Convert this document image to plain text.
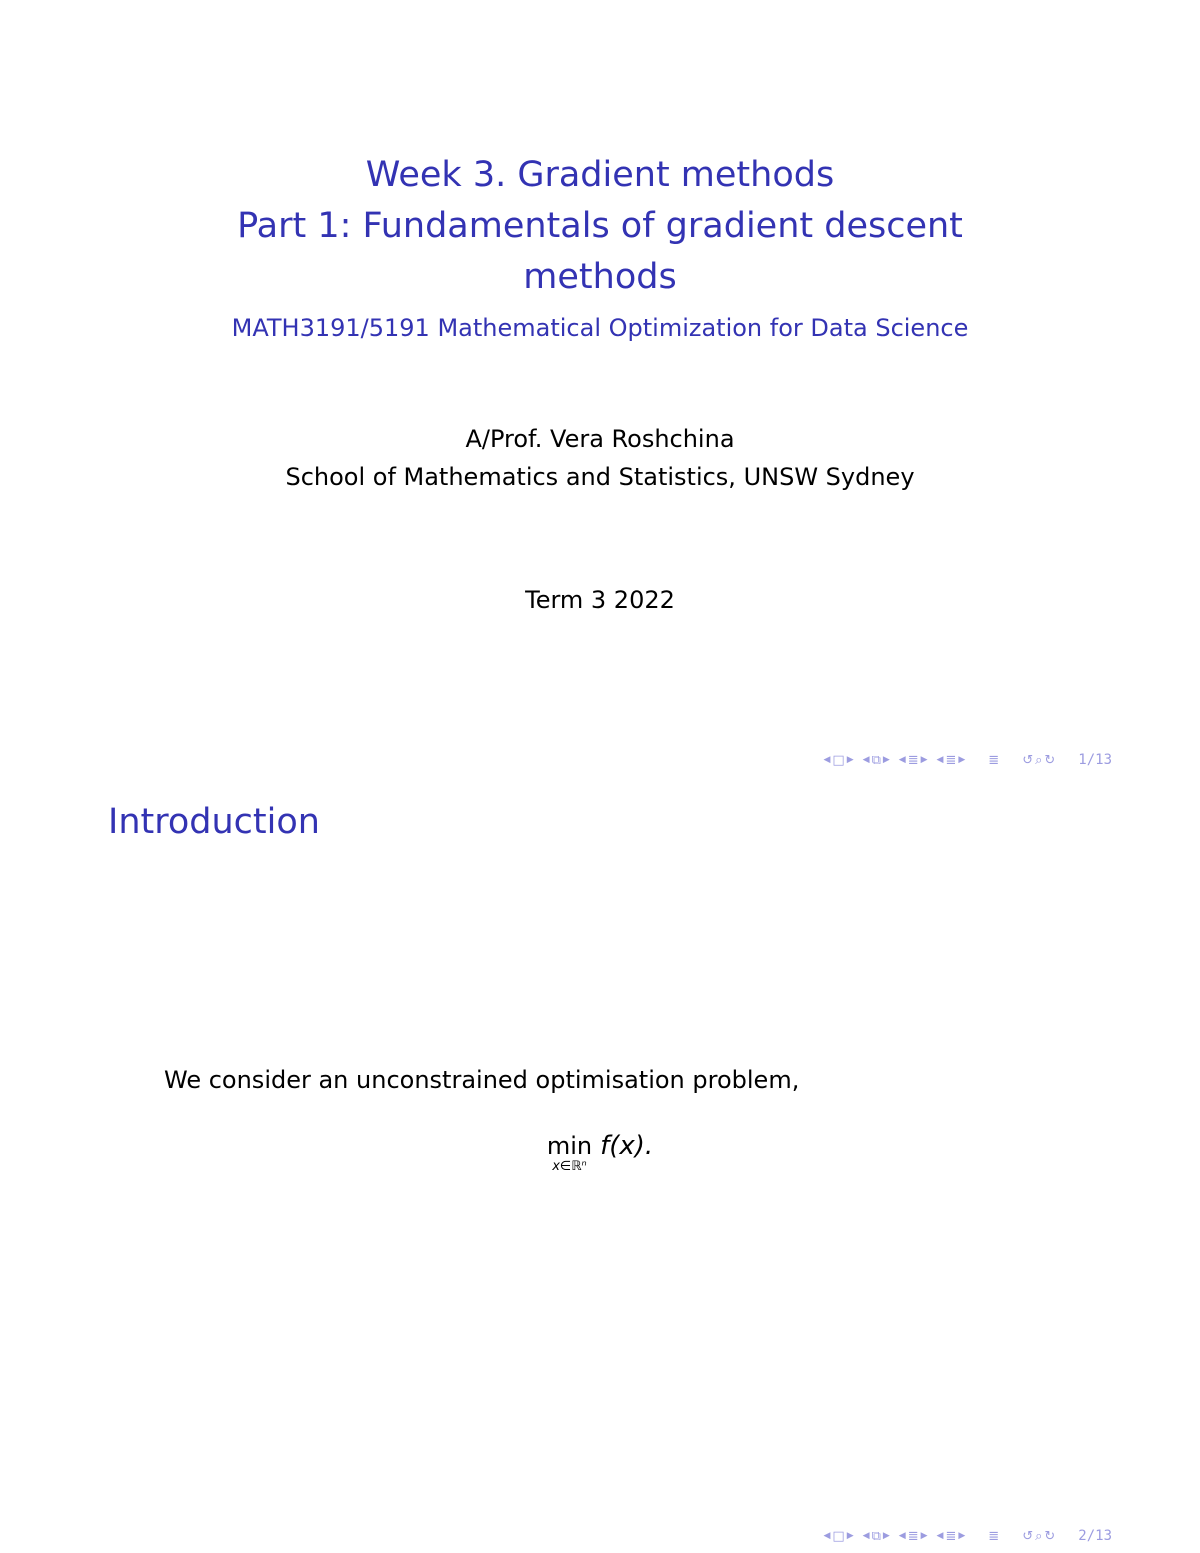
Week 3. Gradient methods
Part 1: Fundamentals of gradient descent
methods
MATH3191/5191 Mathematical Optimization for Data Science
A/Prof. Vera Roshchina
School of Mathematics and Statistics, UNSW Sydney
Term 3 2022
◀ □ ▶ ◀ ⧉ ▶ ◀ ≣ ▶ ◀ ≣ ▶ ≣ ↺ ⌕ ↻ 1/13
Introduction
We consider an unconstrained optimisation problem,
min
x∈ℝⁿ
f(x).
◀ □ ▶ ◀ ⧉ ▶ ◀ ≣ ▶ ◀ ≣ ▶ ≣ ↺ ⌕ ↻ 2/13
